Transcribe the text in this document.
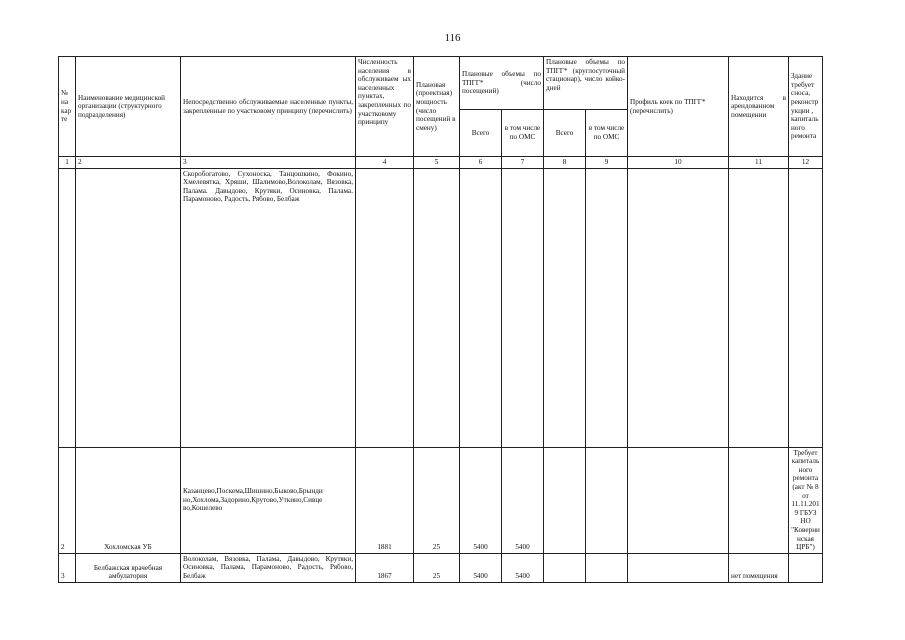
116
№ на кар те	Наименование медицинской организации (структурного подразделения)	Непосредственно обслуживаемые населенные пункты, закрепленные по участковому принципу (перечислить)	Численность населения в обслуживаем ых населенных пунктах, закрепленных по участковому принципу	Плановая (проектная) мощность (число посещений в смену)	Плановые объемы по ТПГГ* (число посещений)		Плановые объемы по ТПГГ* (круглосуточный стационар), число койко-дней		Профиль коек по ТПГГ* (перечислить)	Находится в арендованном помещении	Здание требует сноса, реконструкции , капитального ремонта
					Всего	в том числе по ОМС	Всего	в том числе по ОМС			
1	2	3	4	5	6	7	8	9	10	11	12
		Скоробогатово, Сухоноска, Танцошкино, Фокино, Хмелевятка, Хряши, Шалимово,Волоколам, Вязовка, Палама. Давыдово, Крутяки, Осиновка, Палама. Парамоново, Радость, Рябово, Белбаж									
2	Хохломская УБ	Казанцево,Поскема,Шишино,Быково,Брынди но,Хохлома,Задорино,Крутово,Уткино,Сивце во,Кошелево	1881	25	5400	5400					Требует капитального ремонта (акт № 8 от 11.11.2019 ГБУЗ НО "Ковернинская ЦРБ")
3	Белбажская врачебная амбулатория	Волоколам, Вязовка, Палама, Давыдово, Крутяки, Осиновка, Палама, Парамоново, Радость, Рябово, Белбаж	1867	25	5400	5400				нет помещения	
